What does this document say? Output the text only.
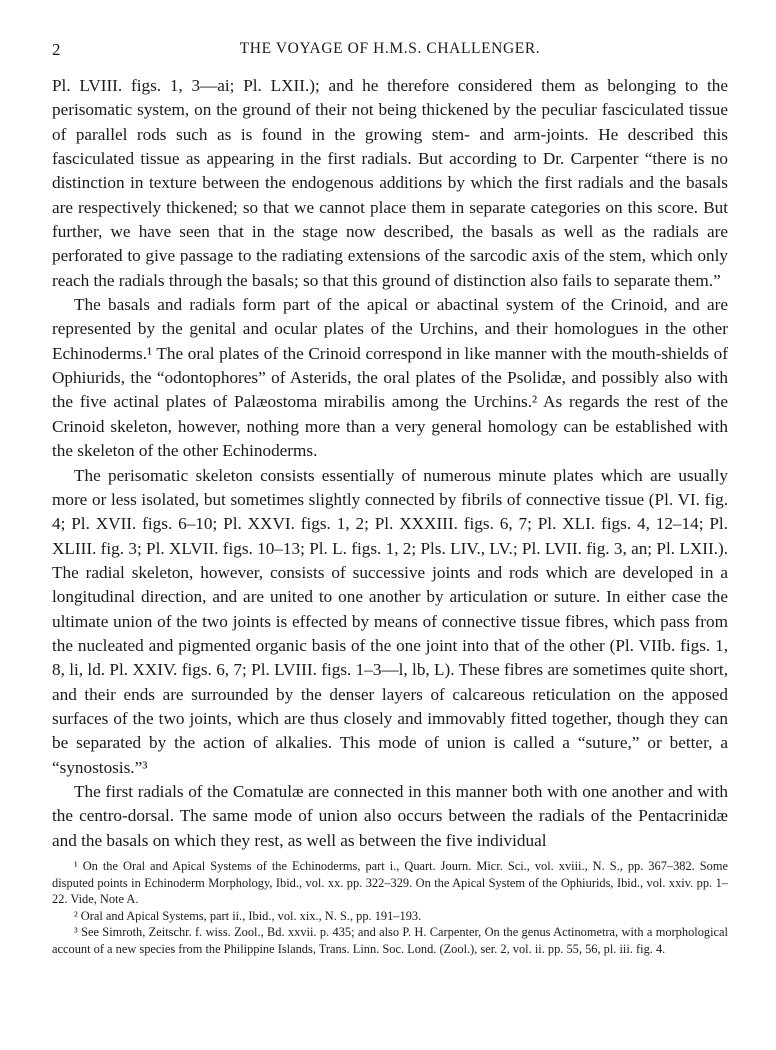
2	THE VOYAGE OF H.M.S. CHALLENGER.

Pl. LVIII. figs. 1, 3—ai; Pl. LXII.); and he therefore considered them as belonging to the perisomatic system, on the ground of their not being thickened by the peculiar fasciculated tissue of parallel rods such as is found in the growing stem- and arm-joints. He described this fasciculated tissue as appearing in the first radials. But according to Dr. Carpenter “there is no distinction in texture between the endogenous additions by which the first radials and the basals are respectively thickened; so that we cannot place them in separate categories on this score. But further, we have seen that in the stage now described, the basals as well as the radials are perforated to give passage to the radiating extensions of the sarcodic axis of the stem, which only reach the radials through the basals; so that this ground of distinction also fails to separate them.”

The basals and radials form part of the apical or abactinal system of the Crinoid, and are represented by the genital and ocular plates of the Urchins, and their homologues in the other Echinoderms.¹ The oral plates of the Crinoid correspond in like manner with the mouth-shields of Ophiurids, the “odontophores” of Asterids, the oral plates of the Psolidæ, and possibly also with the five actinal plates of Palæostoma mirabilis among the Urchins.² As regards the rest of the Crinoid skeleton, however, nothing more than a very general homology can be established with the skeleton of the other Echinoderms.

The perisomatic skeleton consists essentially of numerous minute plates which are usually more or less isolated, but sometimes slightly connected by fibrils of connective tissue (Pl. VI. fig. 4; Pl. XVII. figs. 6–10; Pl. XXVI. figs. 1, 2; Pl. XXXIII. figs. 6, 7; Pl. XLI. figs. 4, 12–14; Pl. XLIII. fig. 3; Pl. XLVII. figs. 10–13; Pl. L. figs. 1, 2; Pls. LIV., LV.; Pl. LVII. fig. 3, an; Pl. LXII.). The radial skeleton, however, consists of successive joints and rods which are developed in a longitudinal direction, and are united to one another by articulation or suture. In either case the ultimate union of the two joints is effected by means of connective tissue fibres, which pass from the nucleated and pigmented organic basis of the one joint into that of the other (Pl. VIIb. figs. 1, 8, li, ld. Pl. XXIV. figs. 6, 7; Pl. LVIII. figs. 1–3—l, lb, L). These fibres are sometimes quite short, and their ends are surrounded by the denser layers of calcareous reticulation on the apposed surfaces of the two joints, which are thus closely and immovably fitted together, though they can be separated by the action of alkalies. This mode of union is called a “suture,” or better, a “synostosis.”³

The first radials of the Comatulæ are connected in this manner both with one another and with the centro-dorsal. The same mode of union also occurs between the radials of the Pentacrinidæ and the basals on which they rest, as well as between the five individual

¹ On the Oral and Apical Systems of the Echinoderms, part i., Quart. Journ. Micr. Sci., vol. xviii., N. S., pp. 367–382. Some disputed points in Echinoderm Morphology, Ibid., vol. xx. pp. 322–329. On the Apical System of the Ophiurids, Ibid., vol. xxiv. pp. 1–22. Vide, Note A.

² Oral and Apical Systems, part ii., Ibid., vol. xix., N. S., pp. 191–193.

³ See Simroth, Zeitschr. f. wiss. Zool., Bd. xxvii. p. 435; and also P. H. Carpenter, On the genus Actinometra, with a morphological account of a new species from the Philippine Islands, Trans. Linn. Soc. Lond. (Zool.), ser. 2, vol. ii. pp. 55, 56, pl. iii. fig. 4.
